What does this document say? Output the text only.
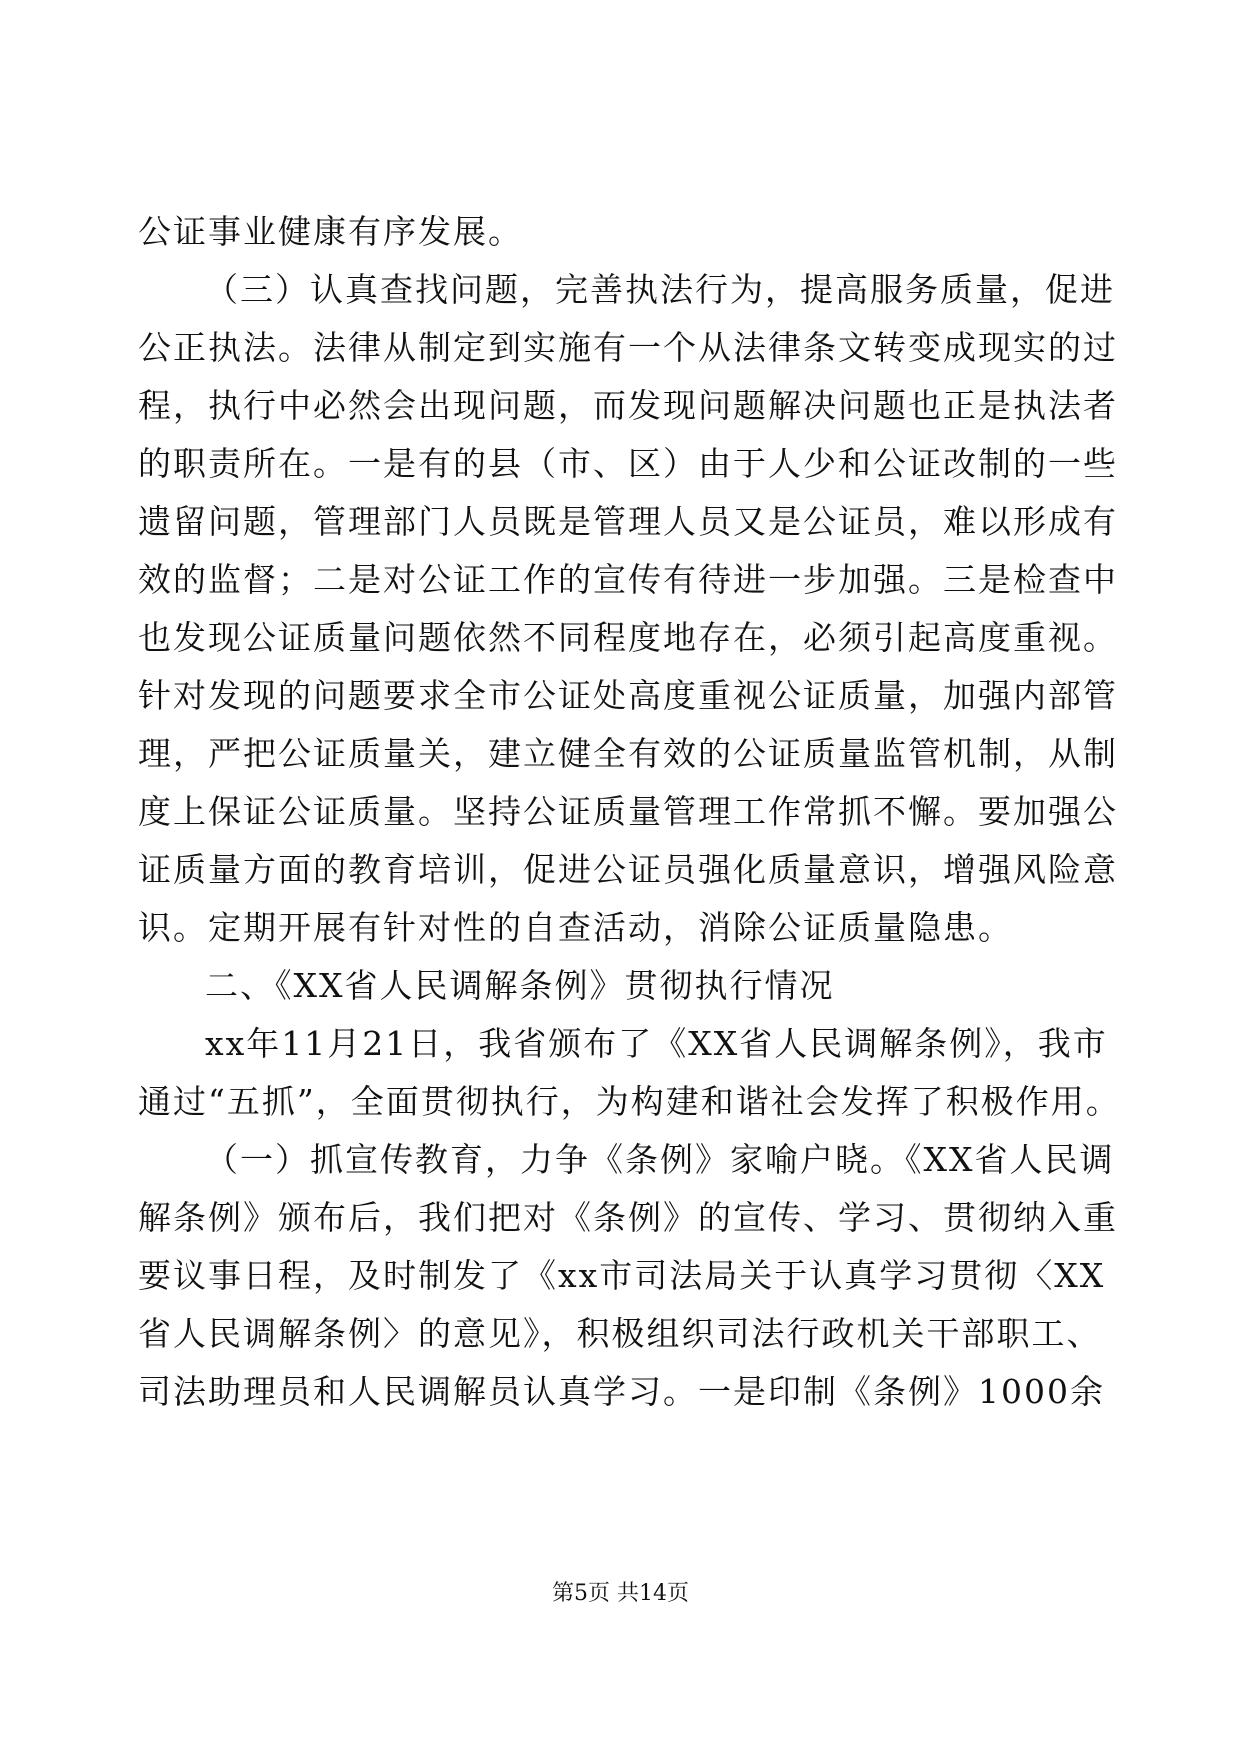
公证事业健康有序发展。
（三）认真查找问题，完善执法行为，提高服务质量，促进
公正执法。法律从制定到实施有一个从法律条文转变成现实的过
程，执行中必然会出现问题，而发现问题解决问题也正是执法者
的职责所在。一是有的县（市、区）由于人少和公证改制的一些
遗留问题，管理部门人员既是管理人员又是公证员，难以形成有
效的监督；二是对公证工作的宣传有待进一步加强。三是检查中
也发现公证质量问题依然不同程度地存在，必须引起高度重视。
针对发现的问题要求全市公证处高度重视公证质量，加强内部管
理，严把公证质量关，建立健全有效的公证质量监管机制，从制
度上保证公证质量。坚持公证质量管理工作常抓不懈。要加强公
证质量方面的教育培训，促进公证员强化质量意识，增强风险意
识。定期开展有针对性的自查活动，消除公证质量隐患。
二、《XX省人民调解条例》贯彻执行情况
xx年11月21日，我省颁布了《XX省人民调解条例》，我市
通过“五抓”，全面贯彻执行，为构建和谐社会发挥了积极作用。
（一）抓宣传教育，力争《条例》家喻户晓。《XX省人民调
解条例》颁布后，我们把对《条例》的宣传、学习、贯彻纳入重
要议事日程，及时制发了《xx市司法局关于认真学习贯彻〈XX
省人民调解条例〉的意见》，积极组织司法行政机关干部职工、
司法助理员和人民调解员认真学习。一是印制《条例》1000余
第5页 共14页
